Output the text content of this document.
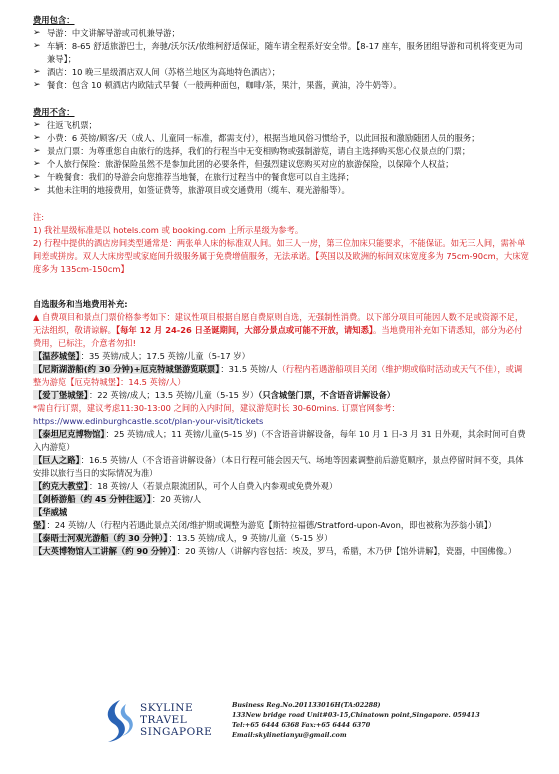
费用包含：

➢ 导游：中文讲解导游或司机兼导游；

➢ 车辆：8-65 舒适旅游巴士，奔驰/沃尔沃/依维柯舒适保证，随车请全程系好安全带。【8-17 座车，服务团组导游和司机将变更为司兼导】；

➢ 酒店：10 晚三星级酒店双人间（苏格兰地区为高地特色酒店）；

➢ 餐食：包含 10 顿酒店内欧陆式早餐（一般两种面包，咖啡/茶，果汁，果酱，黄油，冷牛奶等）。

费用不含：

➢ 往返飞机票；

➢ 小费：6 英镑/顾客/天（成人、儿童同一标准，都需支付），根据当地风俗习惯给予，以此回报和激励随团人员的服务；

➢ 景点门票：为尊重您自由旅行的选择，我们的行程当中无变相购物或强制游览，请自主选择购买您心仪景点的门票；

➢ 个人旅行保险：旅游保险虽然不是参加此团的必要条件，但强烈建议您购买对应的旅游保险，以保障个人权益；

➢ 午晚餐食：我们的导游会向您推荐当地餐，在旅行过程当中的餐食您可以自主选择；

➢ 其他未注明的地接费用，如签证费等，旅游项目或交通费用（缆车、观光游船等）。

注:

1) 我社星级标准是以 hotels.com 或 booking.com 上所示星级为参考。

2) 行程中提供的酒店房间类型通常是：两张单人床的标准双人间。如三人一房，第三位加床只能要求，不能保证。如无三人间，需补单间差或拼房。双人大床房型或家庭间升级服务属于免费增值服务，无法承诺。【英国以及欧洲的标间双床宽度多为 75cm-90cm，大床宽度多为 135cm-150cm】

自选服务和当地费用补充:

▲ 自费项目和景点门票价格参考如下：建议性项目根据自愿自费原则自选，无强制性消费。以下部分项目可能因人数不足或资源不足，无法组织，敬请谅解。【每年 12 月 24-26 日圣诞期间，大部分景点或可能不开放，请知悉】。当地费用补充如下请悉知，部分为必付费用，已标注，介意者勿扣!

【温莎城堡】：35 英镑/成人；17.5 英镑/儿童（5-17 岁）

【尼斯湖游船(约 30 分钟)+厄克特城堡游览联票】：31.5 英镑/人（行程内若遇游船项目关闭（维护期或临时活动或天气不佳），或调整为游览【厄克特城堡】：14.5 英镑/人）

【爱丁堡城堡】：22 英镑/成人；13.5 英镑/儿童（5-15 岁）（只含城堡门票，不含语音讲解设备）

*需自行订票，建议考虑11:30-13:00 之间的入内时间，建议游览时长 30-60mins. 订票官网参考：

https://www.edinburghcastle.scot/plan-your-visit/tickets

【泰坦尼克博物馆】：25 英镑/成人；11 英镑/儿童(5-15 岁)（不含语音讲解设备，每年 10 月 1 日-3 月 31 日外观，其余时间可自费入内游览）

【巨人之路】：16.5 英镑/人（不含语音讲解设备）（本日行程可能会因天气、场地等因素调整前后游览顺序，景点停留时间不变，具体安排以旅行当日的实际情况为准）

【约克大教堂】：18 英镑/人（若景点限流团队，可个人自费入内参观或免费外观）

【剑桥游船（约 45 分钟往返）】：20 英镑/人

【华威城堡】：24 英镑/人（行程内若遇此景点关闭/维护期或调整为游览【斯特拉福德/Stratford-upon-Avon，即也被称为莎翁小镇】）

【泰晤士河观光游船（约 30 分钟）】：13.5 英镑/成人，9 英镑/儿童（5-15 岁）

【大英博物馆人工讲解（约 90 分钟）】：20 英镑/人（讲解内容包括：埃及，罗马，希腊，木乃伊【馆外讲解】，瓷器，中国佛像。）

SKYLINE
TRAVEL
SINGAPORE
Business Reg.No.201133016H(TA:02288)
133New bridge road Unit#03-15,Chinatown point,Singapore. 059413
Tel:+65 6444 6368 Fax:+65 6444 6370
Email:skylinetianyu@gmail.com
